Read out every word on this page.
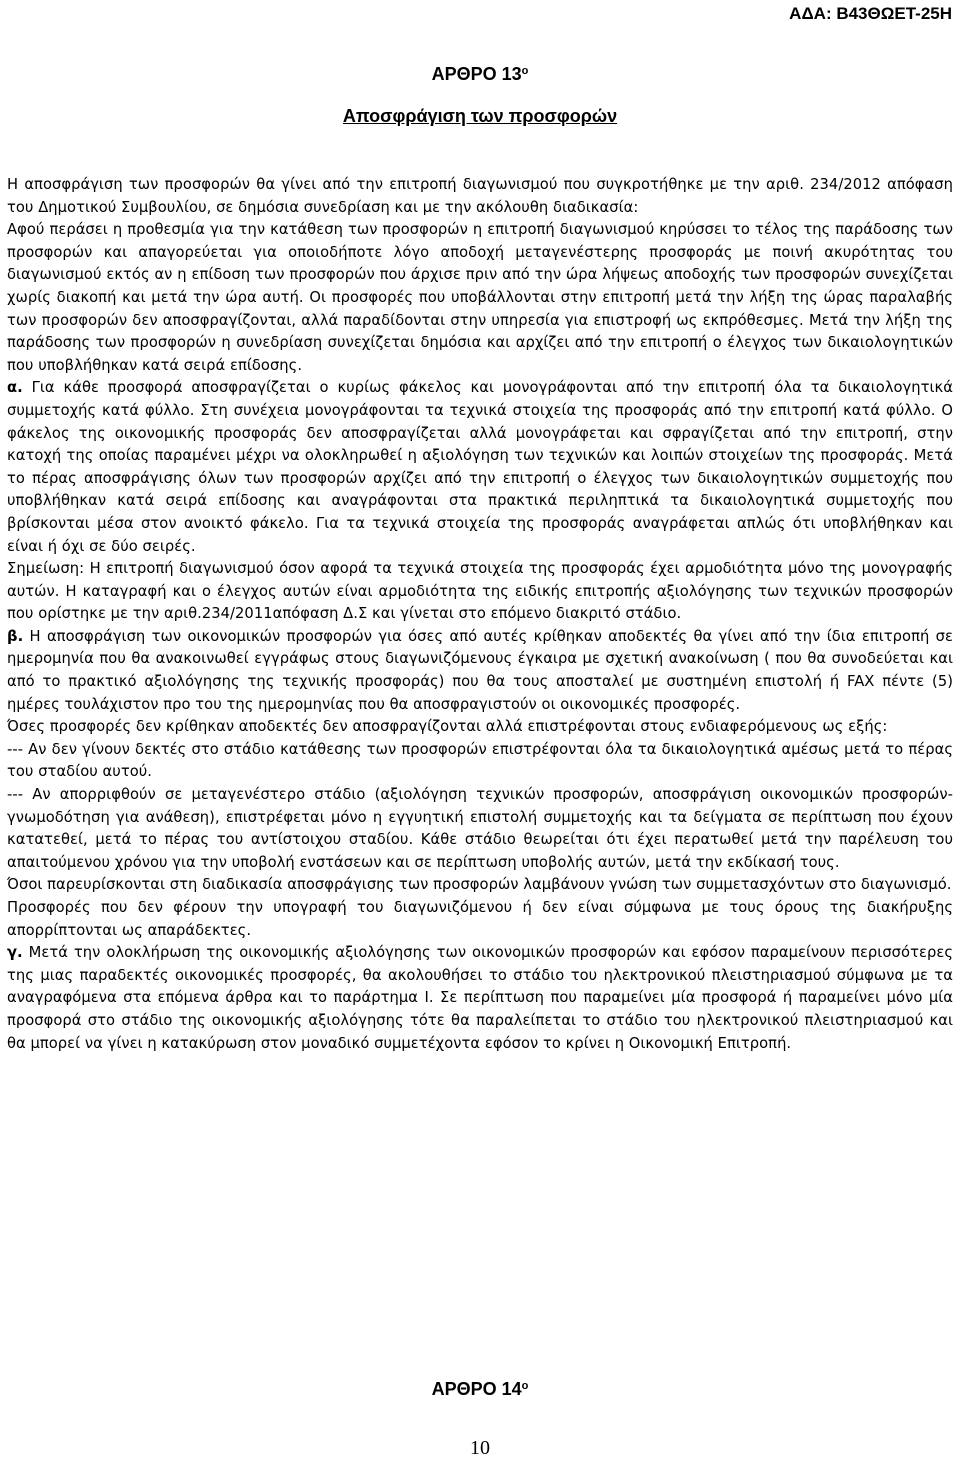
ΑΔΑ: Β43ΘΩΕΤ-25Η
ΑΡΘΡΟ $13^o$
Αποσφράγιση των προσφορών

Η αποσφράγιση των προσφορών θα γίνει από την επιτροπή διαγωνισμού που συγκροτήθηκε με την αριθ. 234/2012 απόφαση του Δημοτικού Συμβουλίου, σε δημόσια συνεδρίαση και με την ακόλουθη διαδικασία:

Αφού περάσει η προθεσμία για την κατάθεση των προσφορών η επιτροπή διαγωνισμού κηρύσσει το τέλος της παράδοσης των προσφορών και απαγορεύεται για οποιοδήποτε λόγο αποδοχή μεταγενέστερης προσφοράς με ποινή ακυρότητας του διαγωνισμού εκτός αν η επίδοση των προσφορών που άρχισε πριν από την ώρα λήψεως αποδοχής των προσφορών συνεχίζεται χωρίς διακοπή και μετά την ώρα αυτή. Οι προσφορές που υποβάλλονται στην επιτροπή μετά την λήξη της ώρας παραλαβής των προσφορών δεν αποσφραγίζονται, αλλά παραδίδονται στην υπηρεσία για επιστροφή ως εκπρόθεσμες. Μετά την λήξη της παράδοσης των προσφορών η συνεδρίαση συνεχίζεται δημόσια και αρχίζει από την επιτροπή ο έλεγχος των δικαιολογητικών που υποβλήθηκαν κατά σειρά επίδοσης.

α. Για κάθε προσφορά αποσφραγίζεται ο κυρίως φάκελος και μονογράφονται από την επιτροπή όλα τα δικαιολογητικά συμμετοχής κατά φύλλο. Στη συνέχεια μονογράφονται τα τεχνικά στοιχεία της προσφοράς από την επιτροπή κατά φύλλο. Ο φάκελος της οικονομικής προσφοράς δεν αποσφραγίζεται αλλά μονογράφεται και σφραγίζεται από την επιτροπή, στην κατοχή της οποίας παραμένει μέχρι να ολοκληρωθεί η αξιολόγηση των τεχνικών και λοιπών στοιχείων της προσφοράς. Μετά το πέρας αποσφράγισης όλων των προσφορών αρχίζει από την επιτροπή ο έλεγχος των δικαιολογητικών συμμετοχής που υποβλήθηκαν κατά σειρά επίδοσης και αναγράφονται στα πρακτικά περιληπτικά τα δικαιολογητικά συμμετοχής που βρίσκονται μέσα στον ανοικτό φάκελο. Για τα τεχνικά στοιχεία της προσφοράς αναγράφεται απλώς ότι υποβλήθηκαν και είναι ή όχι σε δύο σειρές.

Σημείωση: Η επιτροπή διαγωνισμού όσον αφορά τα τεχνικά στοιχεία της προσφοράς έχει αρμοδιότητα μόνο της μονογραφής αυτών. Η καταγραφή και ο έλεγχος αυτών είναι αρμοδιότητα της ειδικής επιτροπής αξιολόγησης των τεχνικών προσφορών που ορίστηκε με την αριθ.234/2011απόφαση Δ.Σ και γίνεται στο επόμενο διακριτό στάδιο.

β. Η αποσφράγιση των οικονομικών προσφορών για όσες από αυτές κρίθηκαν αποδεκτές θα γίνει από την ίδια επιτροπή σε ημερομηνία που θα ανακοινωθεί εγγράφως στους διαγωνιζόμενους έγκαιρα με σχετική ανακοίνωση ( που θα συνοδεύεται και από το πρακτικό αξιολόγησης της τεχνικής προσφοράς) που θα τους αποσταλεί με συστημένη επιστολή ή FAX πέντε (5) ημέρες τουλάχιστον προ του της ημερομηνίας που θα αποσφραγιστούν οι οικονομικές προσφορές.

Όσες προσφορές δεν κρίθηκαν αποδεκτές δεν αποσφραγίζονται αλλά επιστρέφονται στους ενδιαφερόμενους ως εξής:

--- Αν δεν γίνουν δεκτές στο στάδιο κατάθεσης των προσφορών επιστρέφονται όλα τα δικαιολογητικά αμέσως μετά το πέρας του σταδίου αυτού.

--- Αν απορριφθούν σε μεταγενέστερο στάδιο (αξιολόγηση τεχνικών προσφορών, αποσφράγιση οικονομικών προσφορών-γνωμοδότηση για ανάθεση), επιστρέφεται μόνο η εγγυητική επιστολή συμμετοχής και τα δείγματα σε περίπτωση που έχουν κατατεθεί, μετά το πέρας του αντίστοιχου σταδίου. Κάθε στάδιο θεωρείται ότι έχει περατωθεί μετά την παρέλευση του απαιτούμενου χρόνου για την υποβολή ενστάσεων και σε περίπτωση υποβολής αυτών, μετά την εκδίκασή τους.

Όσοι παρευρίσκονται στη διαδικασία αποσφράγισης των προσφορών λαμβάνουν γνώση των συμμετασχόντων στο διαγωνισμό.

Προσφορές που δεν φέρουν την υπογραφή του διαγωνιζόμενου ή δεν είναι σύμφωνα με τους όρους της διακήρυξης απορρίπτονται ως απαράδεκτες.

γ. Μετά την ολοκλήρωση της οικονομικής αξιολόγησης των οικονομικών προσφορών και εφόσον παραμείνουν περισσότερες της μιας παραδεκτές οικονομικές προσφορές, θα ακολουθήσει το στάδιο του ηλεκτρονικού πλειστηριασμού σύμφωνα με τα αναγραφόμενα στα επόμενα άρθρα και το παράρτημα Ι. Σε περίπτωση που παραμείνει μία προσφορά ή παραμείνει μόνο μία προσφορά στο στάδιο της οικονομικής αξιολόγησης τότε θα παραλείπεται το στάδιο του ηλεκτρονικού πλειστηριασμού και θα μπορεί να γίνει η κατακύρωση στον μοναδικό συμμετέχοντα εφόσον το κρίνει η Οικονομική Επιτροπή.

ΑΡΘΡΟ $14^o$
10
